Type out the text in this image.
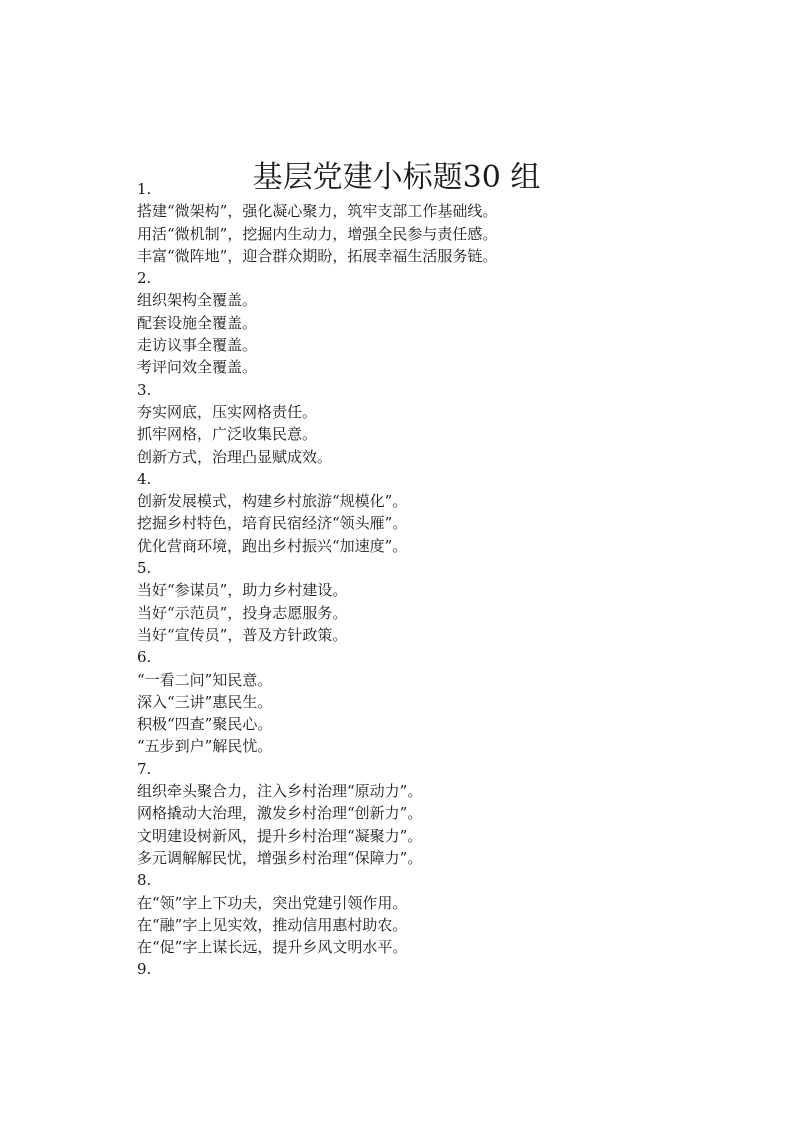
基层党建小标题30 组
1.
搭建“微架构”，强化凝心聚力，筑牢支部工作基础线。
用活“微机制”，挖掘内生动力，增强全民参与责任感。
丰富“微阵地”，迎合群众期盼，拓展幸福生活服务链。
2.
组织架构全覆盖。
配套设施全覆盖。
走访议事全覆盖。
考评问效全覆盖。
3.
夯实网底，压实网格责任。
抓牢网格，广泛收集民意。
创新方式，治理凸显赋成效。
4.
创新发展模式，构建乡村旅游“规模化”。
挖掘乡村特色，培育民宿经济“领头雁”。
优化营商环境，跑出乡村振兴“加速度”。
5.
当好“参谋员”，助力乡村建设。
当好“示范员”，投身志愿服务。
当好“宣传员”，普及方针政策。
6.
“一看二问”知民意。
深入“三讲”惠民生。
积极“四查”聚民心。
“五步到户”解民忧。
7.
组织牵头聚合力，注入乡村治理“原动力”。
网格撬动大治理，激发乡村治理“创新力”。
文明建设树新风，提升乡村治理“凝聚力”。
多元调解解民忧，增强乡村治理“保障力”。
8.
在“领”字上下功夫，突出党建引领作用。
在“融”字上见实效，推动信用惠村助农。
在“促”字上谋长远，提升乡风文明水平。
9.
